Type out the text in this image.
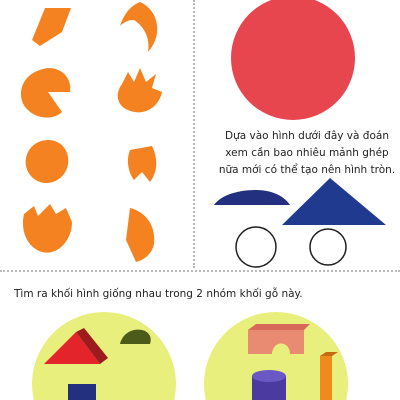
Dựa vào hình dưới đây và đoán xem cần bao nhiêu mảnh ghép nữa mới có thể tạo nên hình tròn.
Tìm ra khối hình giống nhau trong 2 nhóm khối gỗ này.
